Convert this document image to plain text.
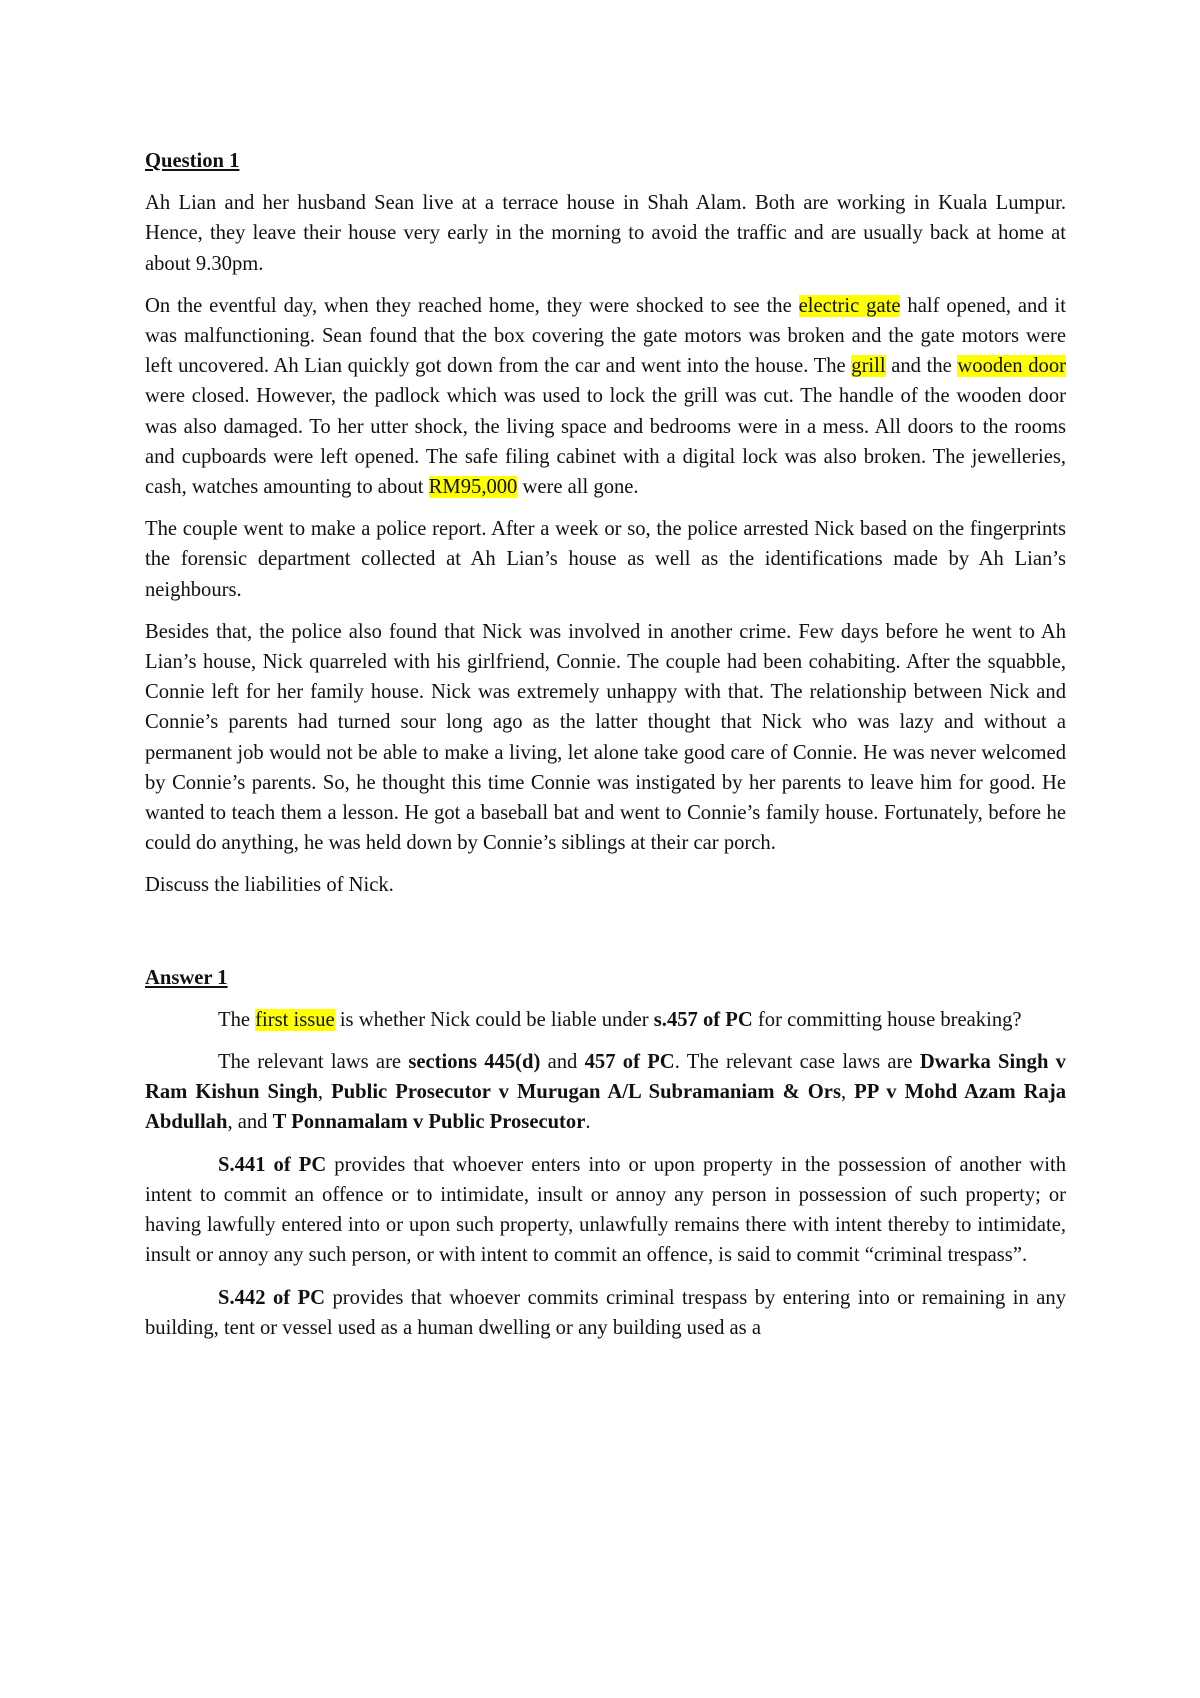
Question 1

Ah Lian and her husband Sean live at a terrace house in Shah Alam. Both are working in Kuala Lumpur. Hence, they leave their house very early in the morning to avoid the traffic and are usually back at home at about 9.30pm.

On the eventful day, when they reached home, they were shocked to see the electric gate half opened, and it was malfunctioning. Sean found that the box covering the gate motors was broken and the gate motors were left uncovered. Ah Lian quickly got down from the car and went into the house. The grill and the wooden door were closed. However, the padlock which was used to lock the grill was cut. The handle of the wooden door was also damaged. To her utter shock, the living space and bedrooms were in a mess. All doors to the rooms and cupboards were left opened. The safe filing cabinet with a digital lock was also broken. The jewelleries, cash, watches amounting to about RM95,000 were all gone.

The couple went to make a police report. After a week or so, the police arrested Nick based on the fingerprints the forensic department collected at Ah Lian’s house as well as the identifications made by Ah Lian’s neighbours.

Besides that, the police also found that Nick was involved in another crime. Few days before he went to Ah Lian’s house, Nick quarreled with his girlfriend, Connie. The couple had been cohabiting. After the squabble, Connie left for her family house. Nick was extremely unhappy with that. The relationship between Nick and Connie’s parents had turned sour long ago as the latter thought that Nick who was lazy and without a permanent job would not be able to make a living, let alone take good care of Connie. He was never welcomed by Connie’s parents. So, he thought this time Connie was instigated by her parents to leave him for good. He wanted to teach them a lesson. He got a baseball bat and went to Connie’s family house. Fortunately, before he could do anything, he was held down by Connie’s siblings at their car porch.

Discuss the liabilities of Nick.

Answer 1

The first issue is whether Nick could be liable under s.457 of PC for committing house breaking?

The relevant laws are sections 445(d) and 457 of PC. The relevant case laws are Dwarka Singh v Ram Kishun Singh, Public Prosecutor v Murugan A/L Subramaniam & Ors, PP v Mohd Azam Raja Abdullah, and T Ponnamalam v Public Prosecutor.

S.441 of PC provides that whoever enters into or upon property in the possession of another with intent to commit an offence or to intimidate, insult or annoy any person in possession of such property; or having lawfully entered into or upon such property, unlawfully remains there with intent thereby to intimidate, insult or annoy any such person, or with intent to commit an offence, is said to commit “criminal trespass”.

S.442 of PC provides that whoever commits criminal trespass by entering into or remaining in any building, tent or vessel used as a human dwelling or any building used as a
